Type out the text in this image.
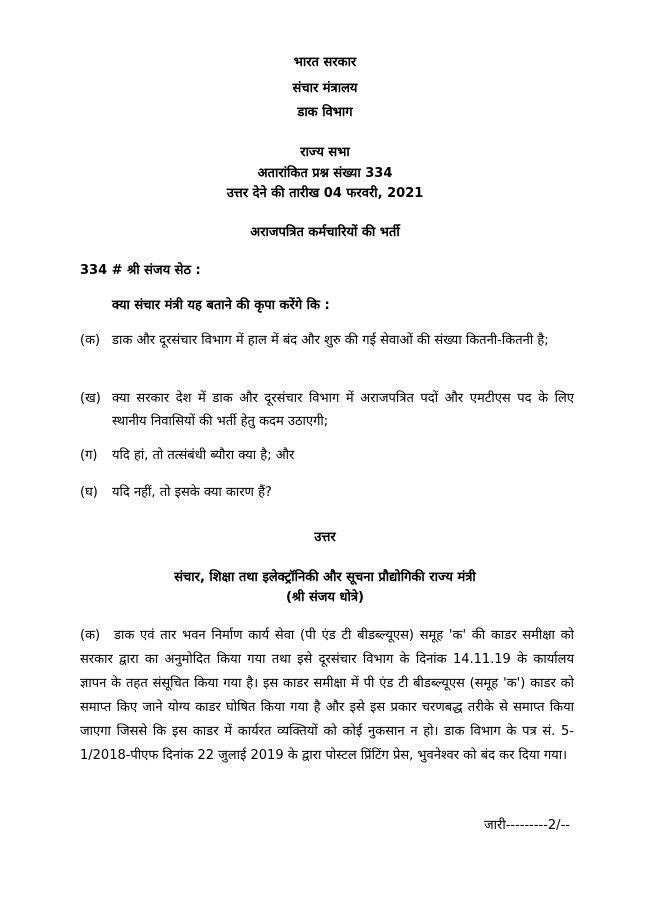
भारत सरकार
संचार मंत्रालय
डाक विभाग
राज्य सभा
अतारांकित प्रश्न संख्या 334
उत्तर देने की तारीख 04 फरवरी, 2021
अराजपत्रित कर्मचारियों की भर्ती
334 # श्री संजय सेठ :
क्या संचार मंत्री यह बताने की कृपा करेंगे कि :
(क) डाक और दूरसंचार विभाग में हाल में बंद और शुरु की गई सेवाओं की संख्या कितनी-कितनी है;
(ख) क्या सरकार देश में डाक और दूरसंचार विभाग में अराजपत्रित पदों और एमटीएस पद के लिए स्थानीय निवासियों की भर्ती हेतु कदम उठाएगी;
(ग) यदि हां, तो तत्संबंधी ब्यौरा क्या है; और
(घ) यदि नहीं, तो इसके क्या कारण हैं?
उत्तर
संचार, शिक्षा तथा इलेक्ट्रॉनिकी और सूचना प्रौद्योगिकी राज्य मंत्री
(श्री संजय धोत्रे)
(क) डाक एवं तार भवन निर्माण कार्य सेवा (पी एंड टी बीडब्ल्यूएस) समूह 'क' की काडर समीक्षा को सरकार द्वारा का अनुमोदित किया गया तथा इसे दूरसंचार विभाग के दिनांक 14.11.19 के कार्यालय ज्ञापन के तहत संसूचित किया गया है। इस काडर समीक्षा में पी एंड टी बीडब्ल्यूएस (समूह 'क') काडर को समाप्त किए जाने योग्य काडर घोषित किया गया है और इसे इस प्रकार चरणबद्ध तरीके से समाप्त किया जाएगा जिससे कि इस काडर में कार्यरत व्यक्तियों को कोई नुकसान न हो। डाक विभाग के पत्र सं. 5-1/2018-पीएफ दिनांक 22 जुलाई 2019 के द्वारा पोस्टल प्रिंटिंग प्रेस, भुवनेश्वर को बंद कर दिया गया।
जारी---------2/--
